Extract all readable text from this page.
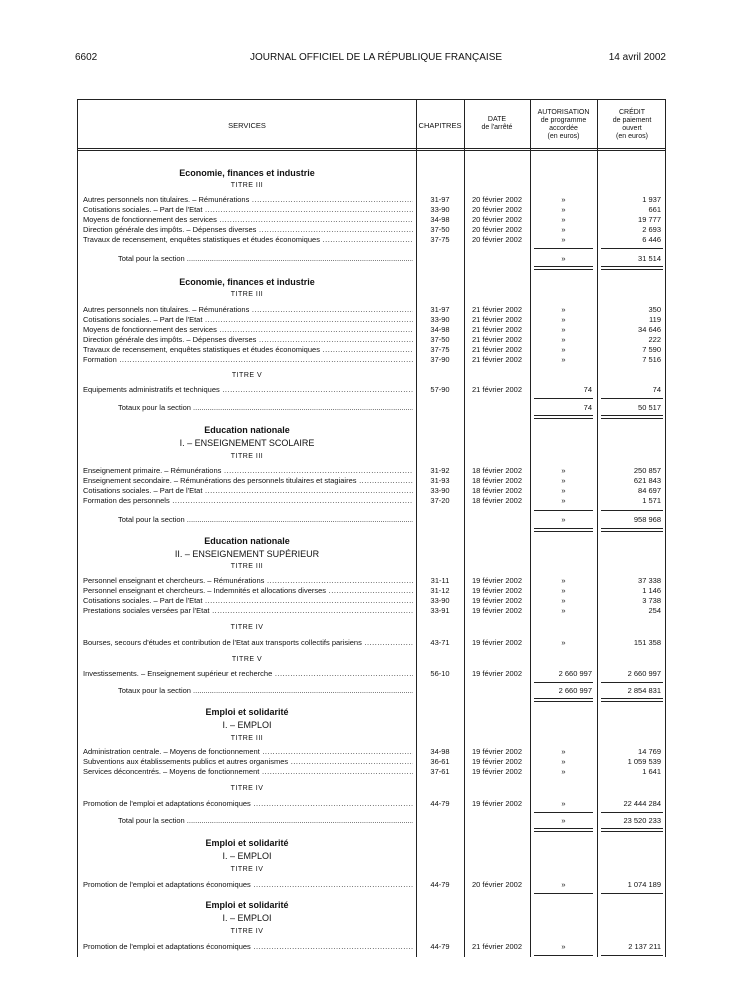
6602	JOURNAL OFFICIEL DE LA RÉPUBLIQUE FRANÇAISE	14 avril 2002
SERVICES	CHAPITRES
DATE
de l'arrêté
AUTORISATION
de programme
accordée
(en euros)
CRÉDIT
de paiement
ouvert
(en euros)
Economie, finances et industrie
TITRE III
Autres personnels non titulaires. – Rémunérations .....	31-97	20 février 2002	»	1 937
Cotisations sociales. – Part de l'Etat .....	33-90	20 février 2002	»	661
Moyens de fonctionnement des services .....	34-98	20 février 2002	»	19 777
Direction générale des impôts. – Dépenses diverses .....	37-50	20 février 2002	»	2 693
Travaux de recensement, enquêtes statistiques et études économiques .....	37-75	20 février 2002	»	6 446
Total pour la section .....	»	31 514
Economie, finances et industrie
TITRE III
Autres personnels non titulaires. – Rémunérations .....	31-97	21 février 2002	»	350
Cotisations sociales. – Part de l'Etat .....	33-90	21 février 2002	»	119
Moyens de fonctionnement des services .....	34-98	21 février 2002	»	34 646
Direction générale des impôts. – Dépenses diverses .....	37-50	21 février 2002	»	222
Travaux de recensement, enquêtes statistiques et études économiques .....	37-75	21 février 2002	»	7 590
Formation .....	37-90	21 février 2002	»	7 516
TITRE V
Equipements administratifs et techniques .....	57-90	21 février 2002	74	74
Totaux pour la section .....	74	50 517
Education nationale
I. – ENSEIGNEMENT SCOLAIRE
TITRE III
Enseignement primaire. – Rémunérations .....	31-92	18 février 2002	»	250 857
Enseignement secondaire. – Rémunérations des personnels titulaires et stagiaires .....	31-93	18 février 2002	»	621 843
Cotisations sociales. – Part de l'Etat .....	33-90	18 février 2002	»	84 697
Formation des personnels .....	37-20	18 février 2002	»	1 571
Total pour la section .....	»	958 968
Education nationale
II. – ENSEIGNEMENT SUPÉRIEUR
TITRE III
Personnel enseignant et chercheurs. – Rémunérations .....	31-11	19 février 2002	»	37 338
Personnel enseignant et chercheurs. – Indemnités et allocations diverses .....	31-12	19 février 2002	»	1 146
Cotisations sociales. – Part de l'Etat .....	33-90	19 février 2002	»	3 738
Prestations sociales versées par l'Etat .....	33-91	19 février 2002	»	254
TITRE IV
Bourses, secours d'études et contribution de l'Etat aux transports collectifs parisiens .....	43-71	19 février 2002	»	151 358
TITRE V
Investissements. – Enseignement supérieur et recherche .....	56-10	19 février 2002	2 660 997	2 660 997
Totaux pour la section .....	2 660 997	2 854 831
Emploi et solidarité
I. – EMPLOI
TITRE III
Administration centrale. – Moyens de fonctionnement .....	34-98	19 février 2002	»	14 769
Subventions aux établissements publics et autres organismes .....	36-61	19 février 2002	»	1 059 539
Services déconcentrés. – Moyens de fonctionnement .....	37-61	19 février 2002	»	1 641
TITRE IV
Promotion de l'emploi et adaptations économiques .....	44-79	19 février 2002	»	22 444 284
Total pour la section .....	»	23 520 233
Emploi et solidarité
I. – EMPLOI
TITRE IV
Promotion de l'emploi et adaptations économiques .....	44-79	20 février 2002	»	1 074 189
Emploi et solidarité
I. – EMPLOI
TITRE IV
Promotion de l'emploi et adaptations économiques .....	44-79	21 février 2002	»	2 137 211
